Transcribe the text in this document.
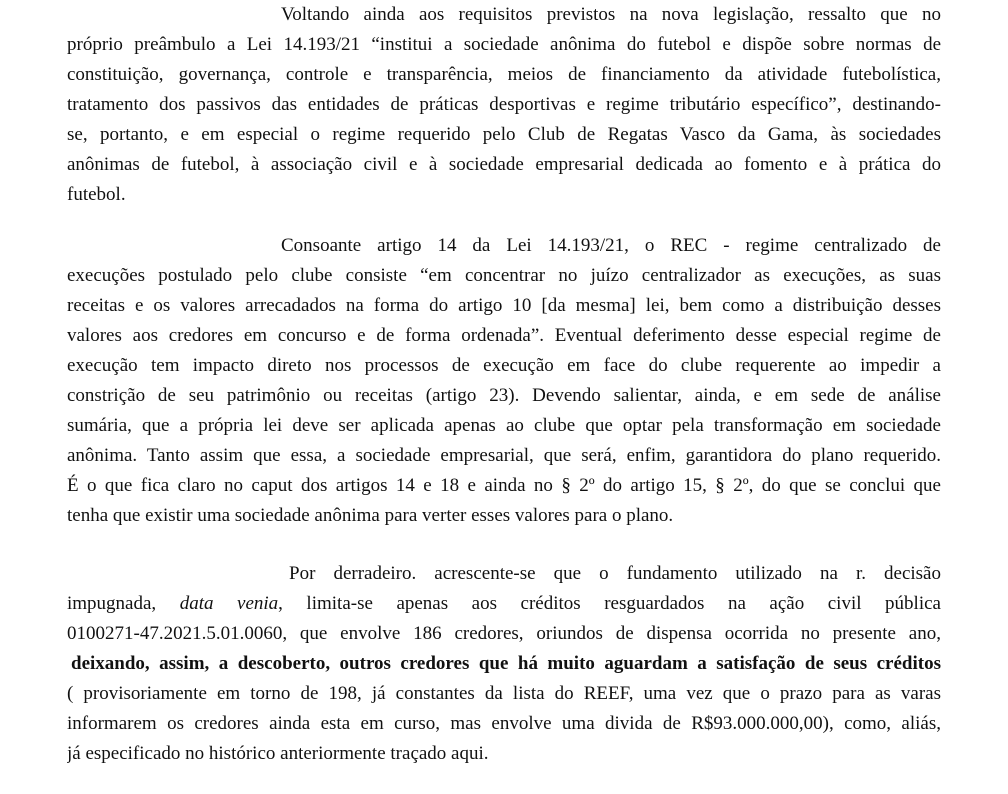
Voltando ainda aos requisitos previstos na nova legislação, ressalto que no
próprio preâmbulo a Lei 14.193/21 “institui a sociedade anônima do futebol e dispõe sobre normas de
constituição, governança, controle e transparência, meios de financiamento da atividade futebolística,
tratamento dos passivos das entidades de práticas desportivas e regime tributário específico”, destinando-
se, portanto, e em especial o regime requerido pelo Club de Regatas Vasco da Gama, às sociedades
anônimas de futebol, à associação civil e à sociedade empresarial dedicada ao fomento e à prática do
futebol.
Consoante artigo 14 da Lei 14.193/21, o REC - regime centralizado de
execuções postulado pelo clube consiste “em concentrar no juízo centralizador as execuções, as suas
receitas e os valores arrecadados na forma do artigo 10 [da mesma] lei, bem como a distribuição desses
valores aos credores em concurso e de forma ordenada”. Eventual deferimento desse especial regime de
execução tem impacto direto nos processos de execução em face do clube requerente ao impedir a
constrição de seu patrimônio ou receitas (artigo 23). Devendo salientar, ainda, e em sede de análise
sumária, que a própria lei deve ser aplicada apenas ao clube que optar pela transformação em sociedade
anônima. Tanto assim que essa, a sociedade empresarial, que será, enfim, garantidora do plano requerido.
É o que fica claro no caput dos artigos 14 e 18 e ainda no § 2º do artigo 15, § 2º, do que se conclui que
tenha que existir uma sociedade anônima para verter esses valores para o plano.
Por derradeiro. acrescente-se que o fundamento utilizado na r. decisão
impugnada, data venia, limita-se apenas aos créditos resguardados na ação civil pública
0100271-47.2021.5.01.0060, que envolve 186 credores, oriundos de dispensa ocorrida no presente ano,
deixando, assim, a descoberto, outros credores que há muito aguardam a satisfação de seus créditos
( provisoriamente em torno de 198, já constantes da lista do REEF, uma vez que o prazo para as varas
informarem os credores ainda esta em curso, mas envolve uma divida de R$93.000.000,00), como, aliás,
já especificado no histórico anteriormente traçado aqui.
